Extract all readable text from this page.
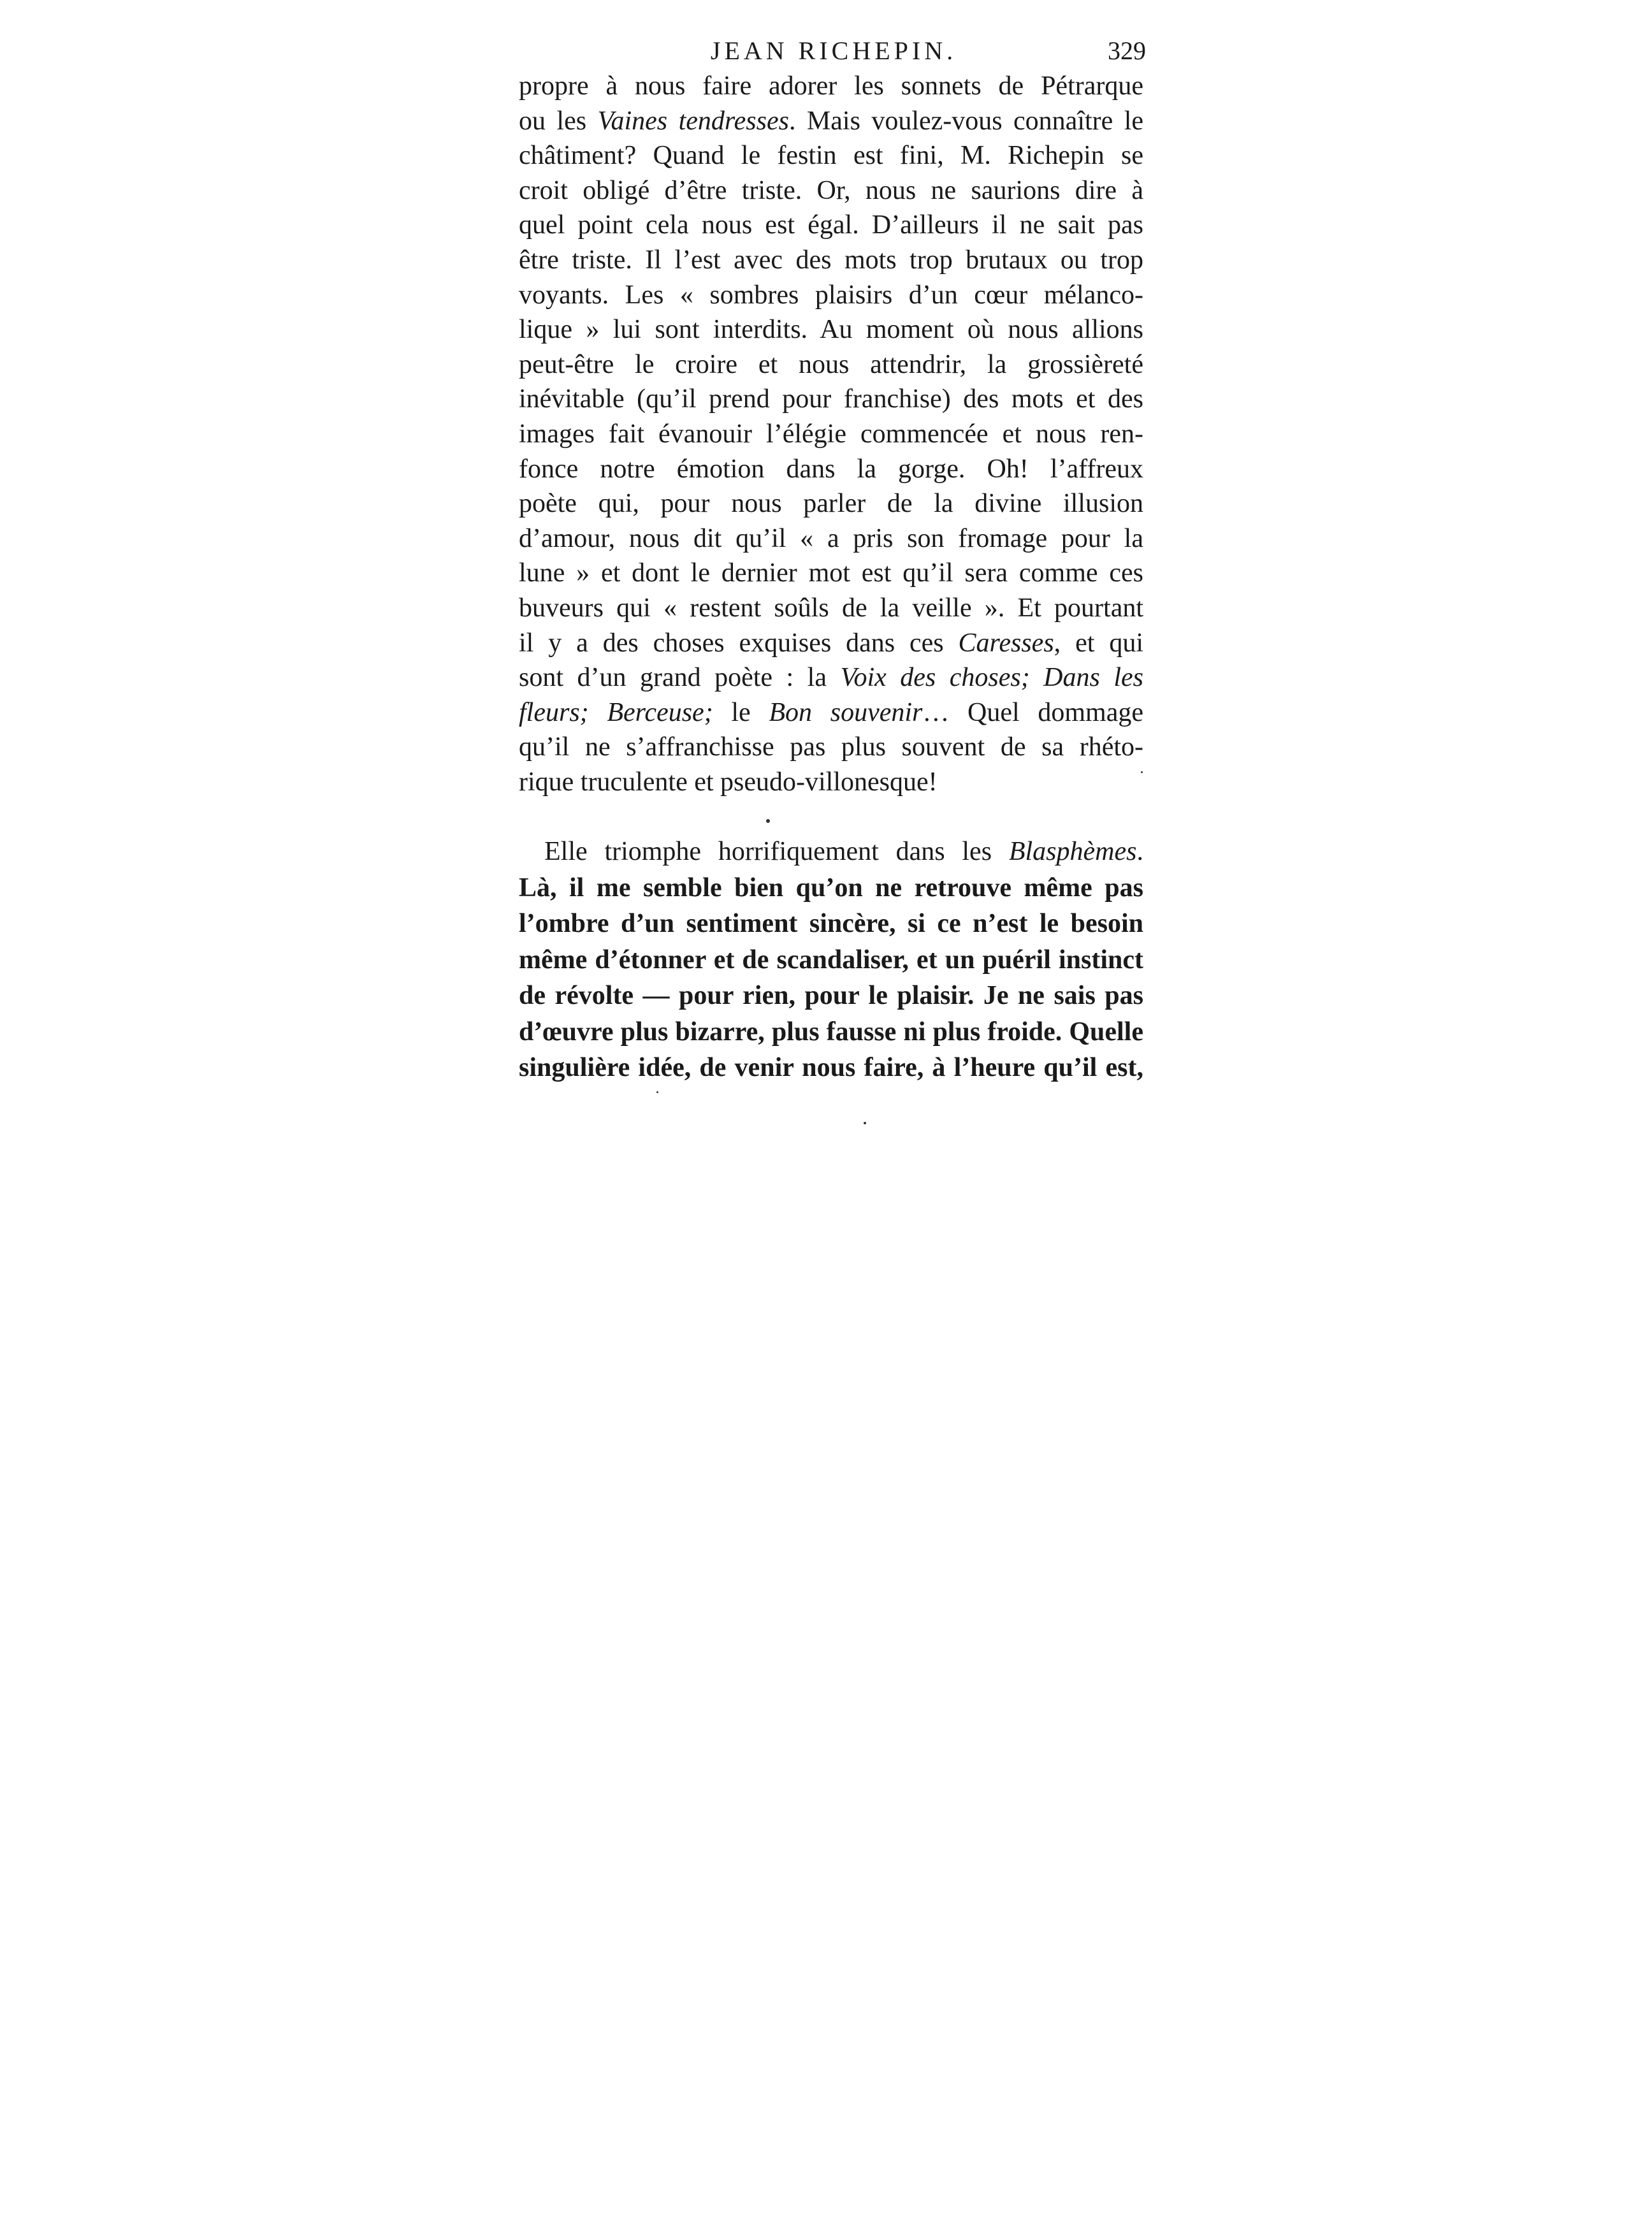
JEAN RICHEPIN.	329
propre à nous faire adorer les sonnets de Pétrarque
ou les Vaines tendresses. Mais voulez-vous connaître le
châtiment? Quand le festin est fini, M. Richepin se
croit obligé d’être triste. Or, nous ne saurions dire à
quel point cela nous est égal. D’ailleurs il ne sait pas
être triste. Il l’est avec des mots trop brutaux ou trop
voyants. Les « sombres plaisirs d’un cœur mélanco-
lique » lui sont interdits. Au moment où nous allions
peut-être le croire et nous attendrir, la grossièreté
inévitable (qu’il prend pour franchise) des mots et des
images fait évanouir l’élégie commencée et nous ren-
fonce notre émotion dans la gorge. Oh! l’affreux
poète qui, pour nous parler de la divine illusion
d’amour, nous dit qu’il « a pris son fromage pour la
lune » et dont le dernier mot est qu’il sera comme ces
buveurs qui « restent soûls de la veille ». Et pourtant
il y a des choses exquises dans ces Caresses, et qui
sont d’un grand poète : la Voix des choses; Dans les
fleurs; Berceuse; le Bon souvenir… Quel dommage
qu’il ne s’affranchisse pas plus souvent de sa rhéto-
rique truculente et pseudo-villonesque!
Elle triomphe horrifiquement dans les Blasphèmes.
Là, il me semble bien qu’on ne retrouve même pas
l’ombre d’un sentiment sincère, si ce n’est le besoin
même d’étonner et de scandaliser, et un puéril instinct
de révolte — pour rien, pour le plaisir. Je ne sais pas
d’œuvre plus bizarre, plus fausse ni plus froide. Quelle
singulière idée, de venir nous faire, à l’heure qu’il est,
